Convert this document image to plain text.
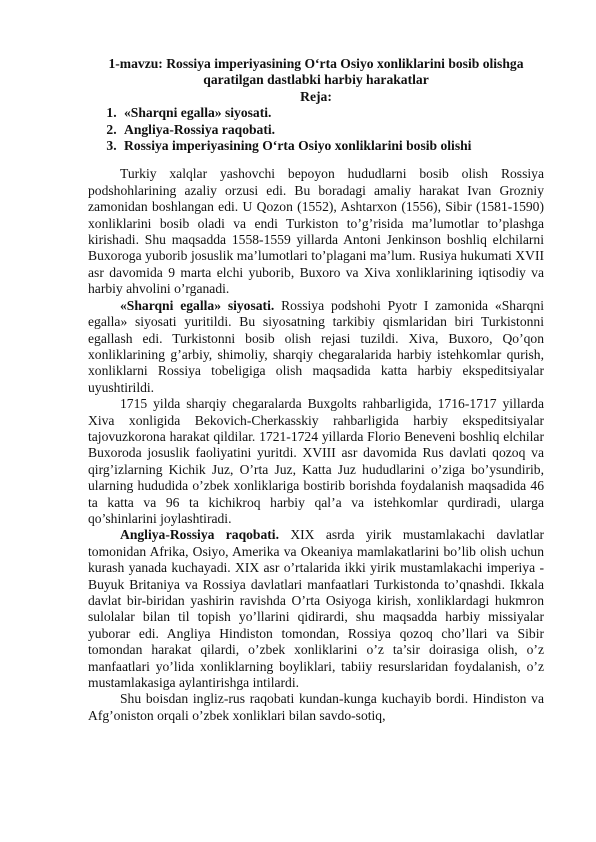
1-mavzu: Rossiya imperiyasining O‘rta Osiyo xonliklarini bosib olishga qaratilgan dastlabki harbiy harakatlar

Reja:

1. «Sharqni egalla» siyosati.
2. Angliya-Rossiya raqobati.
3. Rossiya imperiyasining O‘rta Osiyo xonliklarini bosib olishi

Turkiy xalqlar yashovchi bepoyon hududlarni bosib olish Rossiya podshohlarining azaliy orzusi edi. Bu boradagi amaliy harakat Ivan Grozniy zamonidan boshlangan edi. U Qozon (1552), Ashtarxon (1556), Sibir (1581-1590) xonliklarini bosib oladi va endi Turkiston to’g’risida ma’lumotlar to’plashga kirishadi. Shu maqsadda 1558-1559 yillarda Antoni Jenkinson boshliq elchilarni Buxoroga yuborib josuslik ma’lumotlari to’plagani ma’lum. Rusiya hukumati XVII asr davomida 9 marta elchi yuborib, Buxoro va Xiva xonliklarining iqtisodiy va harbiy ahvolini o’rganadi.

«Sharqni egalla» siyosati. Rossiya podshohi Pyotr I zamonida «Sharqni egalla» siyosati yuritildi. Bu siyosatning tarkibiy qismlaridan biri Turkistonni egallash edi. Turkistonni bosib olish rejasi tuzildi. Xiva, Buxoro, Qo’qon xonliklarining g’arbiy, shimoliy, sharqiy chegaralarida harbiy istehkomlar qurish, xonliklarni Rossiya tobeligiga olish maqsadida katta harbiy ekspeditsiyalar uyushtirildi.

1715 yilda sharqiy chegaralarda Buxgolts rahbarligida, 1716-1717 yillarda Xiva xonligida Bekovich-Cherkasskiy rahbarligida harbiy ekspeditsiyalar tajovuzkorona harakat qildilar. 1721-1724 yillarda Florio Beneveni boshliq elchilar Buxoroda josuslik faoliyatini yuritdi. XVIII asr davomida Rus davlati qozoq va qirg’izlarning Kichik Juz, O’rta Juz, Katta Juz hududlarini o’ziga bo’ysundirib, ularning hududida o’zbek xonliklariga bostirib borishda foydalanish maqsadida 46 ta katta va 96 ta kichikroq harbiy qal’a va istehkomlar qurdiradi, ularga qo’shinlarini joylashtiradi.

Angliya-Rossiya raqobati. XIX asrda yirik mustamlakachi davlatlar tomonidan Afrika, Osiyo, Amerika va Okeaniya mamlakatlarini bo’lib olish uchun kurash yanada kuchayadi. XIX asr o’rtalarida ikki yirik mustamlakachi imperiya - Buyuk Britaniya va Rossiya davlatlari manfaatlari Turkistonda to’qnashdi. Ikkala davlat bir-biridan yashirin ravishda O’rta Osiyoga kirish, xonliklardagi hukmron sulolalar bilan til topish yo’llarini qidirardi, shu maqsadda harbiy missiyalar yuborar edi. Angliya Hindiston tomondan, Rossiya qozoq cho’llari va Sibir tomondan harakat qilardi, o’zbek xonliklarini o’z ta’sir doirasiga olish, o’z manfaatlari yo’lida xonliklarning boyliklari, tabiiy resurslaridan foydalanish, o’z mustamlakasiga aylantirishga intilardi.

Shu boisdan ingliz-rus raqobati kundan-kunga kuchayib bordi. Hindiston va Afg’oniston orqali o’zbek xonliklari bilan savdo-sotiq,
